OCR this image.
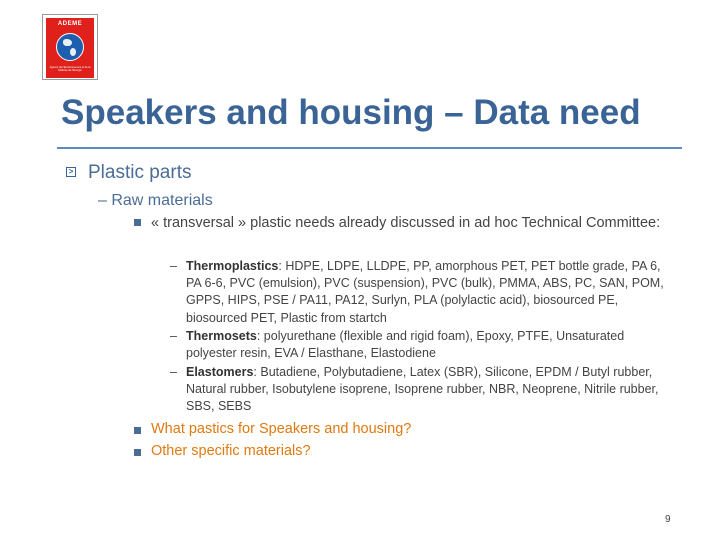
ADEME
Agence de l'Environnement et de la Maîtrise de l'Energie
Speakers and housing – Data need
> Plastic parts
– Raw materials
« transversal » plastic needs already discussed in ad hoc Technical Committee:
– Thermoplastics: HDPE, LDPE, LLDPE, PP, amorphous PET, PET bottle grade, PA 6, PA 6-6, PVC (emulsion), PVC (suspension), PVC (bulk), PMMA, ABS, PC, SAN, POM, GPPS, HIPS, PSE / PA11, PA12, Surlyn, PLA (polylactic acid), biosourced PE, biosourced PET, Plastic from startch
– Thermosets: polyurethane (flexible and rigid foam), Epoxy, PTFE, Unsaturated polyester resin, EVA / Elasthane, Elastodiene
– Elastomers: Butadiene, Polybutadiene, Latex (SBR), Silicone, EPDM / Butyl rubber, Natural rubber, Isobutylene isoprene, Isoprene rubber, NBR, Neoprene, Nitrile rubber, SBS, SEBS
What pastics for Speakers and housing?
Other specific materials?
9
